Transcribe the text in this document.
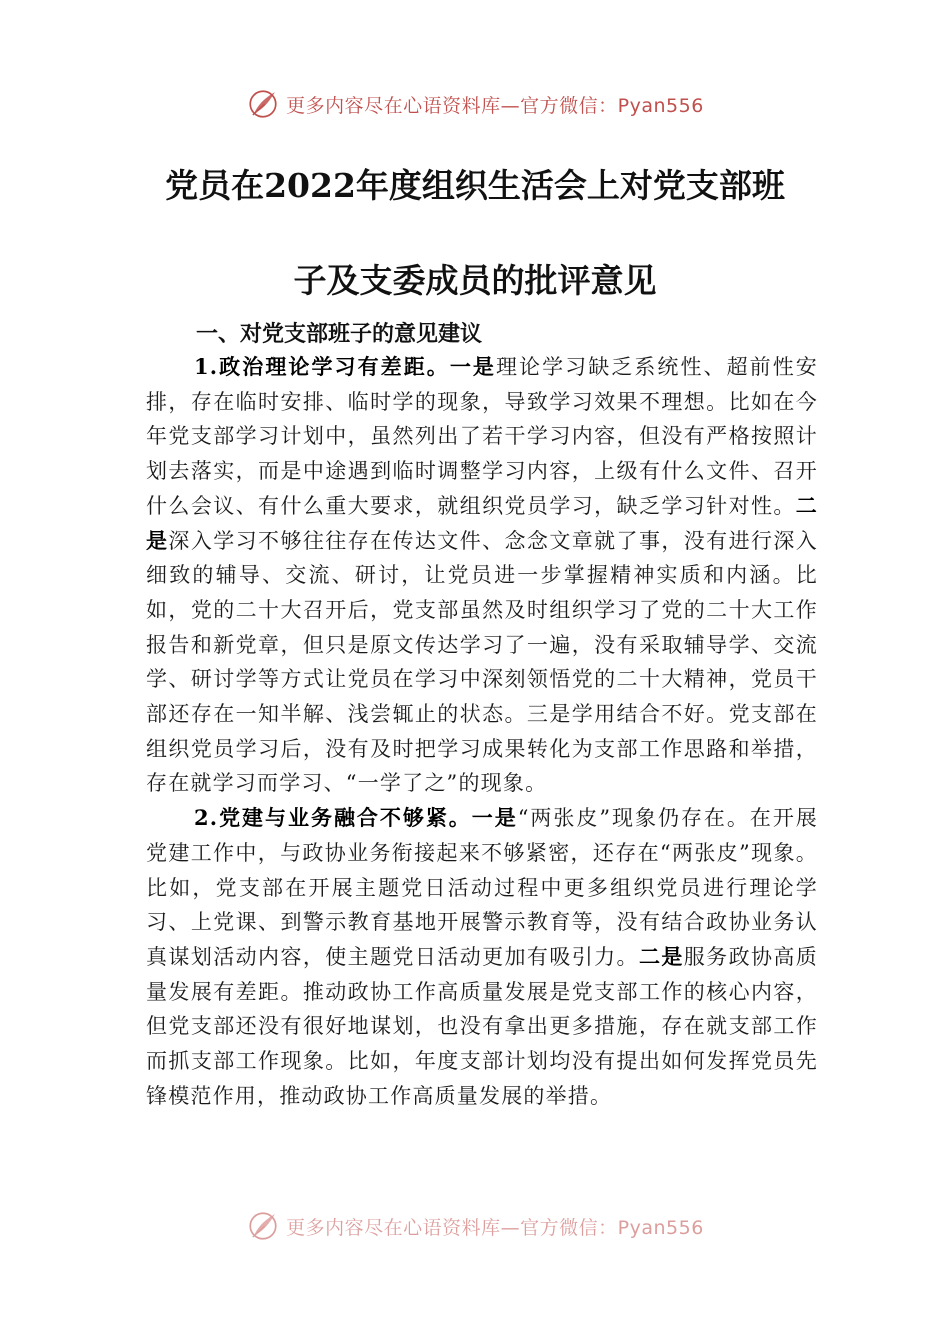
更多内容尽在心语资料库—官方微信：Pyan556
党员在2022年度组织生活会上对党支部班
子及支委成员的批评意见
一、对党支部班子的意见建议

1.政治理论学习有差距。一是理论学习缺乏系统性、超前性安排，存在临时安排、临时学的现象，导致学习效果不理想。比如在今年党支部学习计划中，虽然列出了若干学习内容，但没有严格按照计划去落实，而是中途遇到临时调整学习内容，上级有什么文件、召开什么会议、有什么重大要求，就组织党员学习，缺乏学习针对性。二是深入学习不够往往存在传达文件、念念文章就了事，没有进行深入细致的辅导、交流、研讨，让党员进一步掌握精神实质和内涵。比如，党的二十大召开后，党支部虽然及时组织学习了党的二十大工作报告和新党章，但只是原文传达学习了一遍，没有采取辅导学、交流学、研讨学等方式让党员在学习中深刻领悟党的二十大精神，党员干部还存在一知半解、浅尝辄止的状态。三是学用结合不好。党支部在组织党员学习后，没有及时把学习成果转化为支部工作思路和举措，存在就学习而学习、“一学了之”的现象。

2.党建与业务融合不够紧。一是“两张皮”现象仍存在。在开展党建工作中，与政协业务衔接起来不够紧密，还存在“两张皮”现象。比如，党支部在开展主题党日活动过程中更多组织党员进行理论学习、上党课、到警示教育基地开展警示教育等，没有结合政协业务认真谋划活动内容，使主题党日活动更加有吸引力。二是服务政协高质量发展有差距。推动政协工作高质量发展是党支部工作的核心内容，但党支部还没有很好地谋划，也没有拿出更多措施，存在就支部工作而抓支部工作现象。比如，年度支部计划均没有提出如何发挥党员先锋模范作用，推动政协工作高质量发展的举措。

更多内容尽在心语资料库—官方微信：Pyan556
